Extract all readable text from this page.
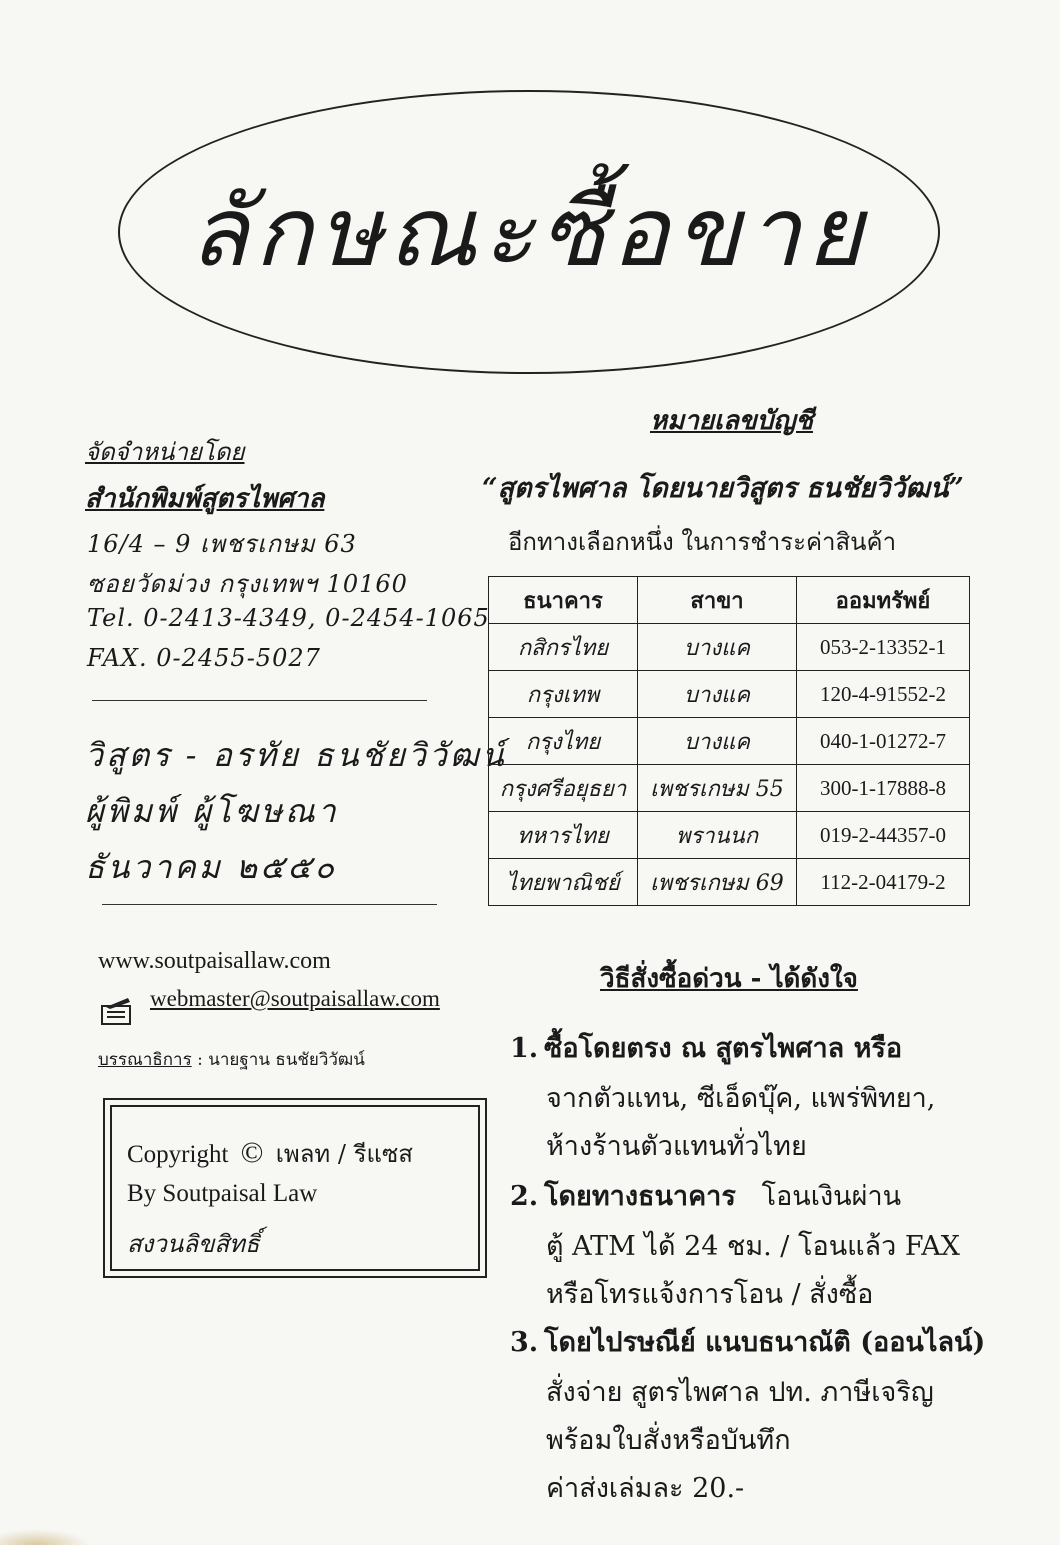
ลักษณะซื้อขาย
จัดจำหน่ายโดย
สำนักพิมพ์สูตรไพศาล
16/4 – 9 เพชรเกษม 63
ซอยวัดม่วง กรุงเทพฯ 10160
Tel. 0-2413-4349, 0-2454-1065
FAX. 0-2455-5027
วิสูตร - อรทัย ธนชัยวิวัฒน์
ผู้พิมพ์ ผู้โฆษณา
ธันวาคม ๒๕๕๐
www.soutpaisallaw.com
webmaster@soutpaisallaw.com
บรรณาธิการ : นายฐาน ธนชัยวิวัฒน์
Copyright © เพลท / รีแซส
By Soutpaisal Law
สงวนลิขสิทธิ์
หมายเลขบัญชี
“สูตรไพศาล โดยนายวิสูตร ธนชัยวิวัฒน์”
อีกทางเลือกหนึ่ง ในการชำระค่าสินค้า
ธนาคาร	สาขา	ออมทรัพย์
กสิกรไทย	บางแค	053-2-13352-1
กรุงเทพ	บางแค	120-4-91552-2
กรุงไทย	บางแค	040-1-01272-7
กรุงศรีอยุธยา	เพชรเกษม 55	300-1-17888-8
ทหารไทย	พรานนก	019-2-44357-0
ไทยพาณิชย์	เพชรเกษม 69	112-2-04179-2
วิธีสั่งซื้อด่วน - ได้ดังใจ
1. ซื้อโดยตรง ณ สูตรไพศาล หรือ
จากตัวแทน, ซีเอ็ดบุ๊ค, แพร่พิทยา,
ห้างร้านตัวแทนทั่วไทย
2. โดยทางธนาคาร โอนเงินผ่าน
ตู้ ATM ได้ 24 ชม. / โอนแล้ว FAX
หรือโทรแจ้งการโอน / สั่งซื้อ
3. โดยไปรษณีย์ แนบธนาณัติ (ออนไลน์)
สั่งจ่าย สูตรไพศาล ปท. ภาษีเจริญ
พร้อมใบสั่งหรือบันทึก
ค่าส่งเล่มละ 20.-
